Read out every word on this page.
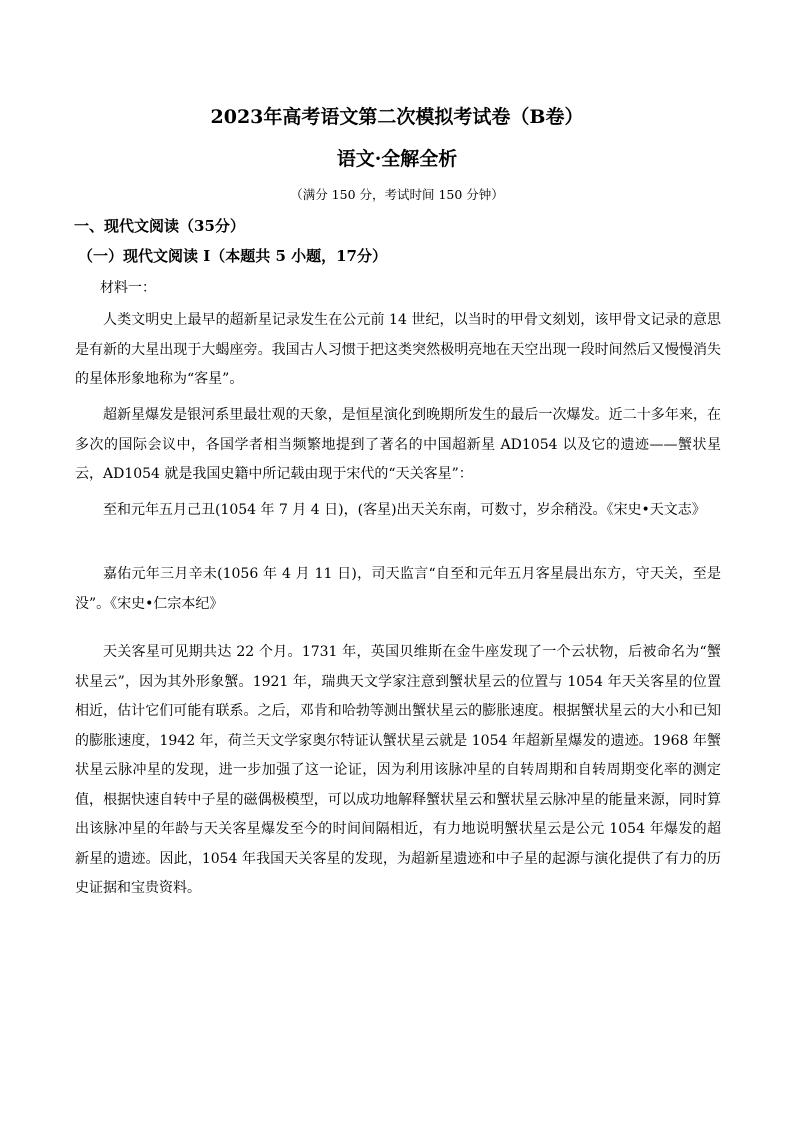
2023年高考语文第二次模拟考试卷（B卷）
语文·全解全析
（满分 150 分，考试时间 150 分钟）
一、现代文阅读（35分）
（一）现代文阅读 I（本题共 5 小题，17分）
材料一：

人类文明史上最早的超新星记录发生在公元前 14 世纪，以当时的甲骨文刻划，该甲骨文记录的意思是有新的大星出现于大蝎座旁。我国古人习惯于把这类突然极明亮地在天空出现一段时间然后又慢慢消失的星体形象地称为“客星”。

超新星爆发是银河系里最壮观的天象，是恒星演化到晚期所发生的最后一次爆发。近二十多年来，在多次的国际会议中，各国学者相当频繁地提到了著名的中国超新星 AD1054 以及它的遗迹——蟹状星云，AD1054 就是我国史籍中所记载由现于宋代的“天关客星”：

至和元年五月己丑(1054 年 7 月 4 日)，(客星)出天关东南，可数寸，岁余稍没。《宋史•天文志》

嘉佑元年三月辛未(1056 年 4 月 11 日)，司天监言“自至和元年五月客星晨出东方，守天关，至是没”。《宋史•仁宗本纪》

天关客星可见期共达 22 个月。1731 年，英国贝维斯在金牛座发现了一个云状物，后被命名为“蟹状星云”，因为其外形象蟹。1921 年，瑞典天文学家注意到蟹状星云的位置与 1054 年天关客星的位置相近，估计它们可能有联系。之后，邓肯和哈勃等测出蟹状星云的膨胀速度。根据蟹状星云的大小和已知的膨胀速度，1942 年，荷兰天文学家奥尔特证认蟹状星云就是 1054 年超新星爆发的遗迹。1968 年蟹状星云脉冲星的发现，进一步加强了这一论证，因为利用该脉冲星的自转周期和自转周期变化率的测定值，根据快速自转中子星的磁偶极模型，可以成功地解释蟹状星云和蟹状星云脉冲星的能量来源，同时算出该脉冲星的年龄与天关客星爆发至今的时间间隔相近，有力地说明蟹状星云是公元 1054 年爆发的超新星的遗迹。因此，1054 年我国天关客星的发现，为超新星遗迹和中子星的起源与演化提供了有力的历史证据和宝贵资料。
